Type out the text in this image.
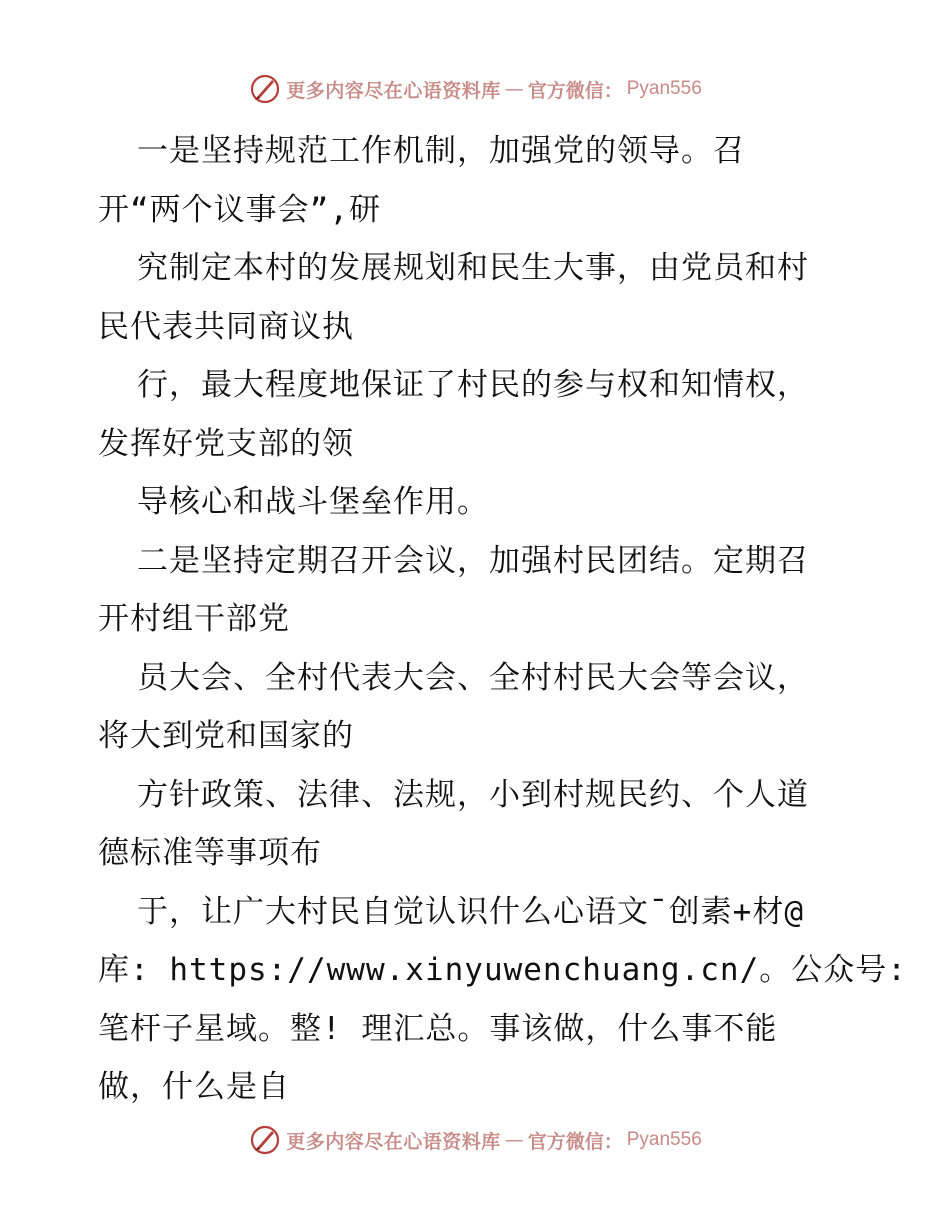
更多内容尽在心语资料库 — 官方微信： Pyan556
一是坚持规范工作机制，加强党的领导。召
开“两个议事会”,研
究制定本村的发展规划和民生大事，由党员和村
民代表共同商议执
行，最大程度地保证了村民的参与权和知情权，
发挥好党支部的领
导核心和战斗堡垒作用。
二是坚持定期召开会议，加强村民团结。定期召
开村组干部党
员大会、全村代表大会、全村村民大会等会议，
将大到党和国家的
方针政策、法律、法规，小到村规民约、个人道
德标准等事项布
于，让广大村民自觉认识什么心语文¯创素+材@
库: https://www.xinyuwenchuang.cn/。公众号:
笔杆子星域。整! 理汇总。事该做，什么事不能
做，什么是自
更多内容尽在心语资料库 — 官方微信： Pyan556
